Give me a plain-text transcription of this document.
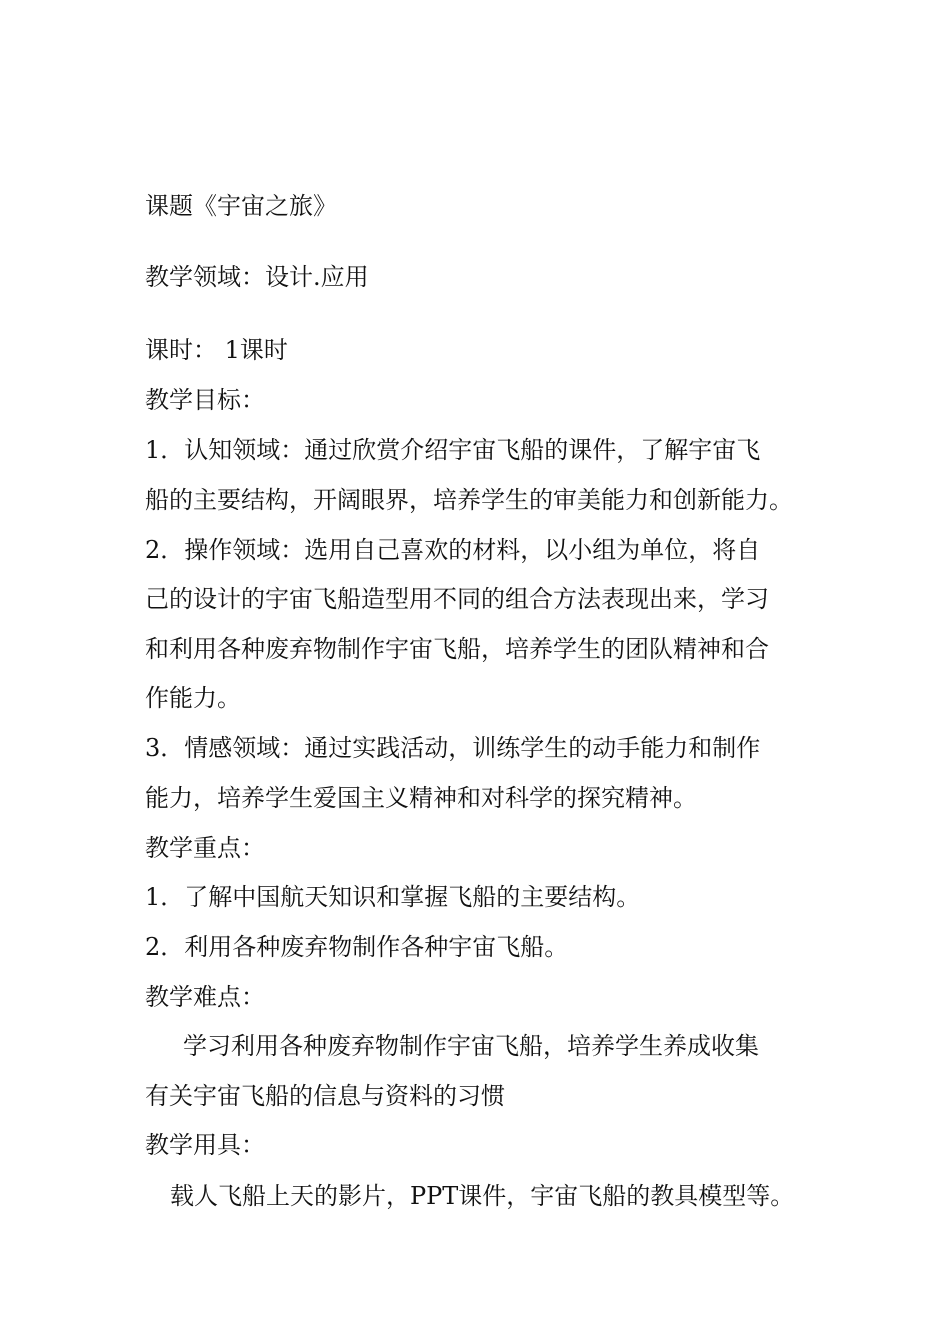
课题《宇宙之旅》
教学领域：设计.应用
课时： 1课时
教学目标：
1．认知领域：通过欣赏介绍宇宙飞船的课件，了解宇宙飞
船的主要结构，开阔眼界，培养学生的审美能力和创新能力。
2．操作领域：选用自己喜欢的材料，以小组为单位，将自
己的设计的宇宙飞船造型用不同的组合方法表现出来，学习
和利用各种废弃物制作宇宙飞船，培养学生的团队精神和合
作能力。
3．情感领域：通过实践活动，训练学生的动手能力和制作
能力，培养学生爱国主义精神和对科学的探究精神。
教学重点：
1．了解中国航天知识和掌握飞船的主要结构。
2．利用各种废弃物制作各种宇宙飞船。
教学难点：
学习利用各种废弃物制作宇宙飞船，培养学生养成收集
有关宇宙飞船的信息与资料的习惯
教学用具：
载人飞船上天的影片，PPT课件，宇宙飞船的教具模型等。
